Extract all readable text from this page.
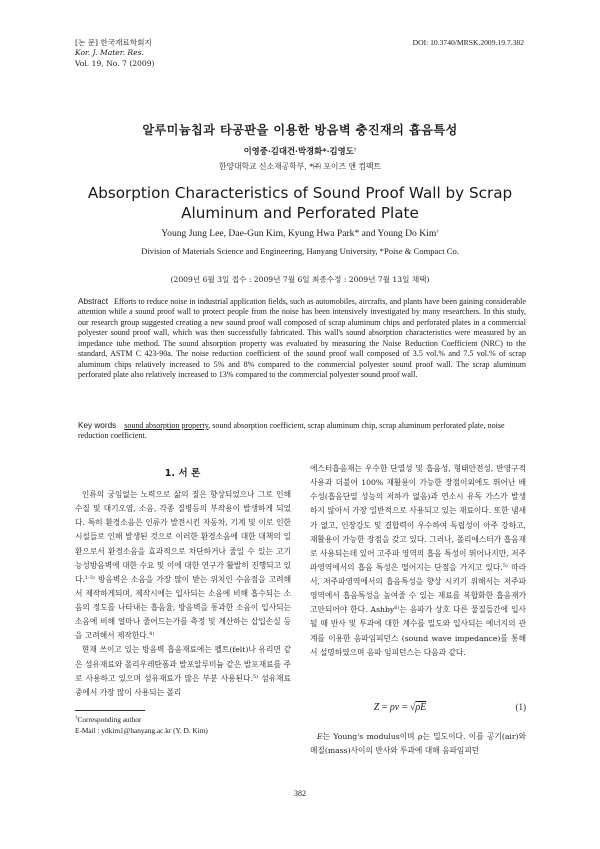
[논 문] 한국재료학회지
Kor. J. Mater. Res.
Vol. 19, No. 7 (2009)
DOI: 10.3740/MRSK.2009.19.7.382
알루미늄칩과 타공판을 이용한 방음벽 충진재의 흡음특성
이영중·김대건·박경화*·김영도†
한양대학교 신소재공학부, *㈜ 포이즈 앤 컴팩트
Absorption Characteristics of Sound Proof Wall by Scrap Aluminum and Perforated Plate
Young Jung Lee, Dae-Gun Kim, Kyung Hwa Park* and Young Do Kim†
Division of Materials Science and Engineering, Hanyang University, *Poise & Compact Co.
(2009년 6월 3일 접수 : 2009년 7월 6일 최종수정 : 2009년 7월 13일 채택)
Abstract Efforts to reduce noise in industrial application fields, such as automobiles, aircrafts, and plants have been gaining considerable attention while a sound proof wall to protect people from the noise has been intensively investigated by many researchers. In this study, our research group suggested creating a new sound proof wall composed of scrap aluminum chips and perforated plates in a commercial polyester sound proof wall, which was then successfully fabricated. This wall's sound absorption characteristics were measured by an impedance tube method. The sound absorption property was evaluated by measuring the Noise Reduction Coefficient (NRC) to the standard, ASTM C 423-90a. The noise reduction coefficient of the sound proof wall composed of 3.5 vol.% and 7.5 vol.% of scrap aluminum chips relatively increased to 5% and 8% compared to the commercial polyester sound proof wall. The scrap aluminum perforated plate also relatively increased to 13% compared to the commercial polyester sound proof wall.
Key words sound absorption property, sound absorption coefficient, scrap aluminum chip, scrap aluminum perforated plate, noise reduction coefficient.
1. 서 론

인류의 궁임없는 노력으로 삶의 질은 향상되었으나 그로 인해 수질 및 대기오염, 소음, 각종 질병등의 부작용이 발생하게 되었다. 특히 환경소음은 인류가 발전시킨 자동차, 기계 및 이로 인한 시설들로 인해 발생된 것으로 이러한 환경소음에 대한 대책의 일환으로서 환경소음을 효과적으로 차단하거나 줄일 수 있는 고기능성방음벽에 대한 수요 및 이에 대한 연구가 활발히 진행되고 있다.$^{1-3)}$ 방음벽은 소음을 가장 많이 받는 위치인 수음점을 고려해서 제작하게되며, 제작시에는 입사되는 소음에 비해 흡수되는 소음의 정도를 나타내는 흡음율, 방음벽을 통과한 소음이 입사되는 소음에 비해 얼마나 줄어드는가를 측정 및 계산하는 삽입손실 등을 고려해서 제작한다.$^{4)}$

현재 쓰이고 있는 방음벽 흡음재료에는 펠트(felt)나 유리면 같은 섬유재료와 폴리우레탄폼과 발포알루미늄 같은 발포재료를 주로 사용하고 있으며 섬유재료가 많은 부분 사용된다.$^{5)}$ 섬유재료중에서 가장 많이 사용되는 폴리

에스터흡음재는 우수한 단열성 및 흡음성, 형태안전성, 반영구적 사용과 더불어 100% 재활용이 가능한 장점이외에도 뛰어난 배수성(흡음단열 성능의 저하가 없음)과 연소시 유독 가스가 발생하지 않아서 가장 일반적으로 사용되고 있는 재료이다. 또한 냄새가 없고, 인장강도 및 결합력이 우수하여 독립성이 아주 강하고, 재활용이 가능한 장점을 갖고 있다. 그러나, 폴리에스터가 흡음재로 사용되는데 있어 고주파 영역의 흡음 특성이 뛰어나지만, 저주파영역에서의 흡음 특성은 떨어지는 단점을 가지고 있다.$^{5)}$ 따라서, 저주파영역에서의 흡음특성을 향상 시키기 위해서는 저주파영역에서 흡음특성을 높여줄 수 있는 재료를 복합화한 흡음재가 고안되어야 한다. Ashby$^{6)}$는 음파가 상호 다른 물질들간에 입사될 때 반사 및 투과에 대한 계수를 밀도와 입사되는 에너지의 관계를 이용한 음파임피던스 (sound wave impedance)를 통해서 설명하였으며 음파 임피던스는 다음과 같다.

Z = ρv = √ρE	(1)

E는 Young's modulus이며 ρ는 밀도이다. 이를 공기(air)와 매질(mass)사이의 반사와 투과에 대해 음파임피던

†Corresponding author
E-Mail : ydkim1@hanyang.ac.kr (Y. D. Kim)
382
